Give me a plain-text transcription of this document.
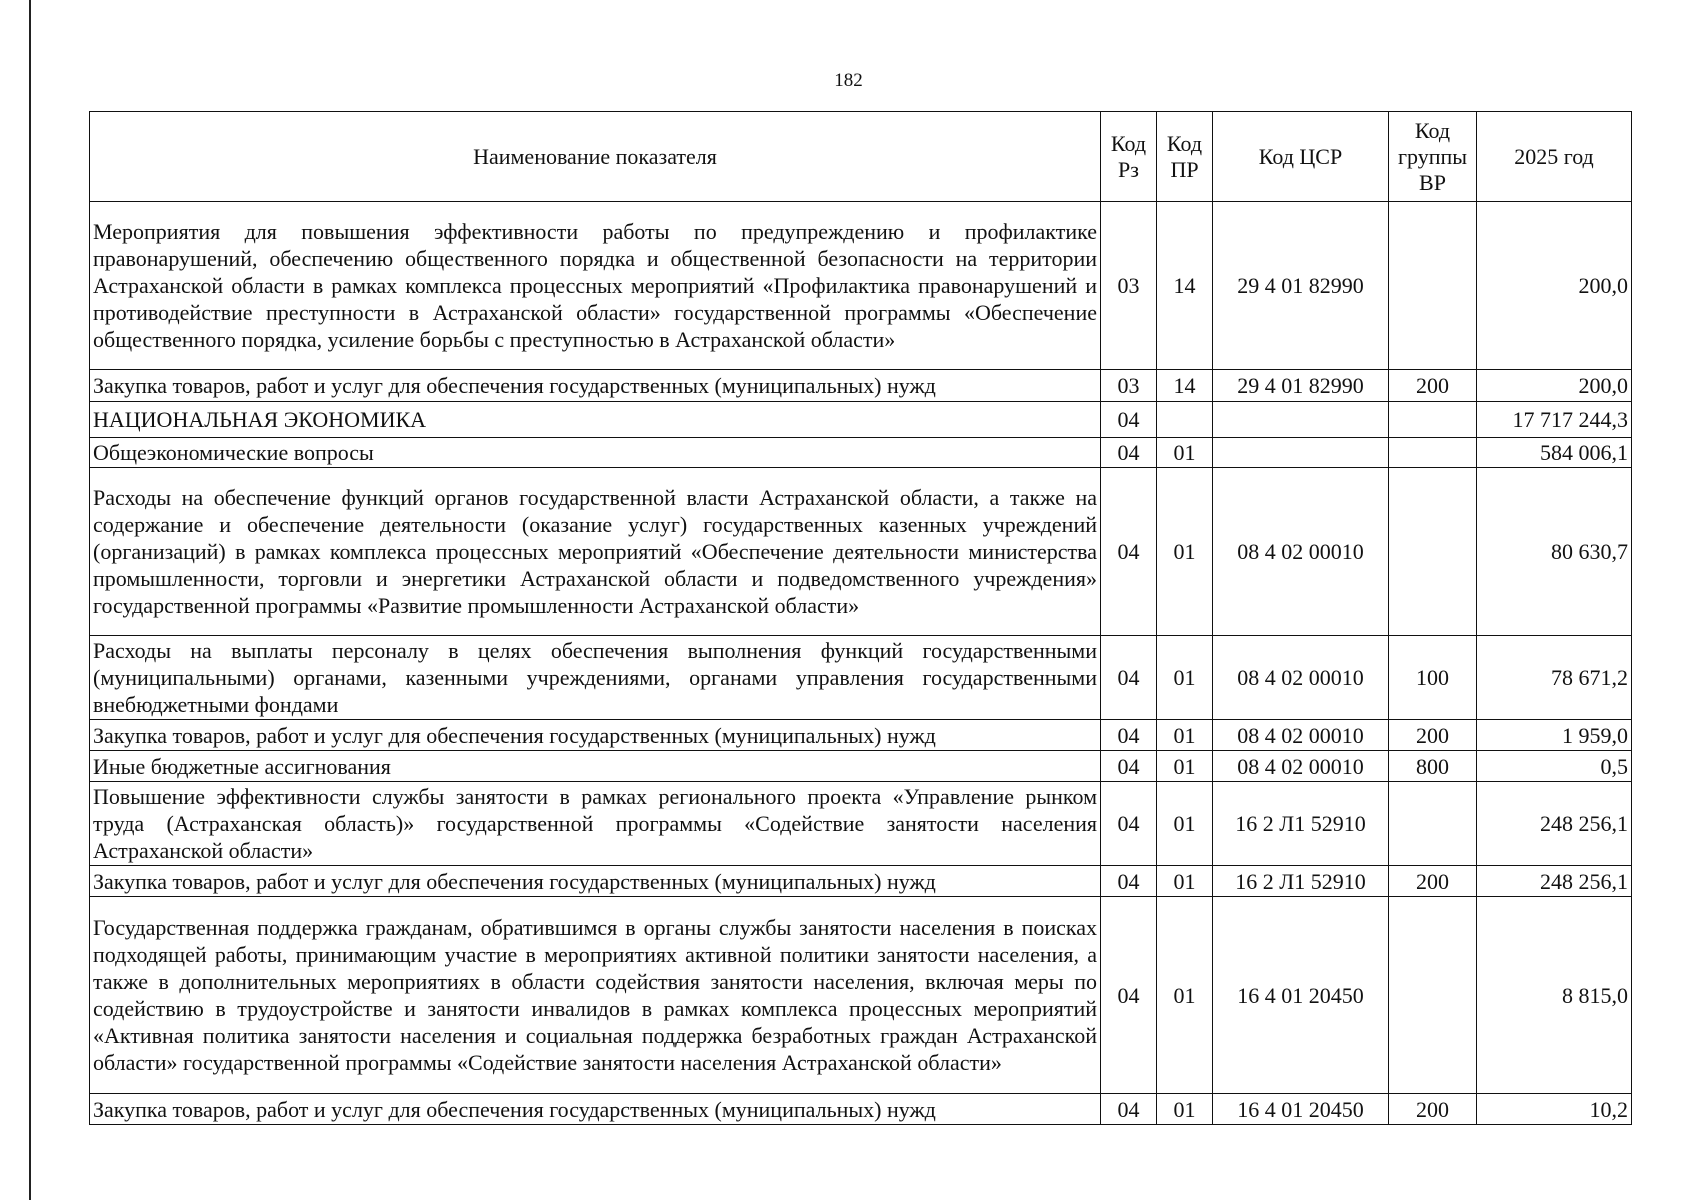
182
Наименование показателя	Код Рз	Код ПР	Код ЦСР	Код группы ВР	2025 год
Мероприятия для повышения эффективности работы по предупреждению и профилактике правонарушений, обеспечению общественного порядка и общественной безопасности на территории Астраханской области в рамках комплекса процессных мероприятий «Профилактика правонарушений и противодействие преступности в Астраханской области» государственной программы «Обеспечение общественного порядка, усиление борьбы с преступностью в Астраханской области»	03	14	29 4 01 82990		200,0
Закупка товаров, работ и услуг для обеспечения государственных (муниципальных) нужд	03	14	29 4 01 82990	200	200,0
НАЦИОНАЛЬНАЯ ЭКОНОМИКА	04				17 717 244,3
Общеэкономические вопросы	04	01			584 006,1
Расходы на обеспечение функций органов государственной власти Астраханской области, а также на содержание и обеспечение деятельности (оказание услуг) государственных казенных учреждений (организаций) в рамках комплекса процессных мероприятий «Обеспечение деятельности министерства промышленности, торговли и энергетики Астраханской области и подведомственного учреждения» государственной программы «Развитие промышленности Астраханской области»	04	01	08 4 02 00010		80 630,7
Расходы на выплаты персоналу в целях обеспечения выполнения функций государственными (муниципальными) органами, казенными учреждениями, органами управления государственными внебюджетными фондами	04	01	08 4 02 00010	100	78 671,2
Закупка товаров, работ и услуг для обеспечения государственных (муниципальных) нужд	04	01	08 4 02 00010	200	1 959,0
Иные бюджетные ассигнования	04	01	08 4 02 00010	800	0,5
Повышение эффективности службы занятости в рамках регионального проекта «Управление рынком труда (Астраханская область)» государственной программы «Содействие занятости населения Астраханской области»	04	01	16 2 Л1 52910		248 256,1
Закупка товаров, работ и услуг для обеспечения государственных (муниципальных) нужд	04	01	16 2 Л1 52910	200	248 256,1
Государственная поддержка гражданам, обратившимся в органы службы занятости населения в поисках подходящей работы, принимающим участие в мероприятиях активной политики занятости населения, а также в дополнительных мероприятиях в области содействия занятости населения, включая меры по содействию в трудоустройстве и занятости инвалидов в рамках комплекса процессных мероприятий «Активная политика занятости населения и социальная поддержка безработных граждан Астраханской области» государственной программы «Содействие занятости населения Астраханской области»	04	01	16 4 01 20450		8 815,0
Закупка товаров, работ и услуг для обеспечения государственных (муниципальных) нужд	04	01	16 4 01 20450	200	10,2
